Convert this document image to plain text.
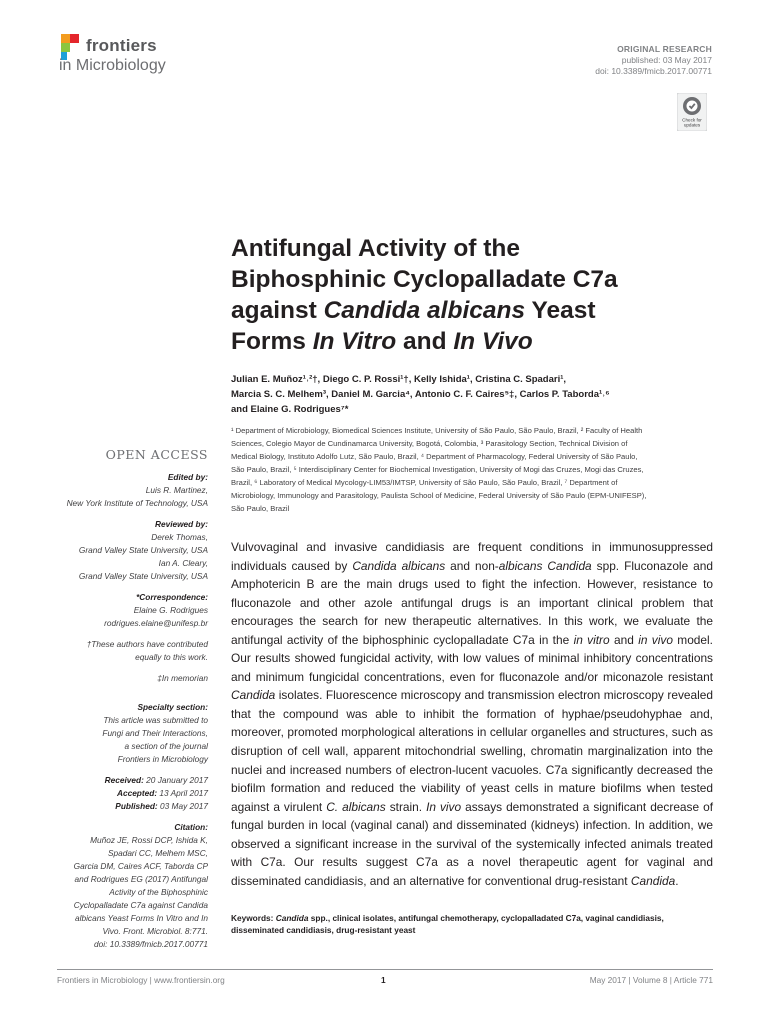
frontiers
in Microbiology
ORIGINAL RESEARCH
published: 03 May 2017
doi: 10.3389/fmicb.2017.00771
Check for
updates
Antifungal Activity of the
Biphosphinic Cyclopalladate C7a
against Candida albicans Yeast
Forms In Vitro and In Vivo

Julian E. Muñoz¹˒²†, Diego C. P. Rossi¹†, Kelly Ishida¹, Cristina C. Spadari¹,
Marcia S. C. Melhem³, Daniel M. Garcia⁴, Antonio C. F. Caires⁵‡, Carlos P. Taborda¹˒⁶
and Elaine G. Rodrigues⁷*

¹ Department of Microbiology, Biomedical Sciences Institute, University of São Paulo, São Paulo, Brazil, ² Faculty of Health
Sciences, Colegio Mayor de Cundinamarca University, Bogotá, Colombia, ³ Parasitology Section, Technical Division of
Medical Biology, Instituto Adolfo Lutz, São Paulo, Brazil, ⁴ Department of Pharmacology, Federal University of São Paulo,
São Paulo, Brazil, ⁵ Interdisciplinary Center for Biochemical Investigation, University of Mogi das Cruzes, Mogi das Cruzes,
Brazil, ⁶ Laboratory of Medical Mycology-LIM53/IMTSP, University of São Paulo, São Paulo, Brazil, ⁷ Department of
Microbiology, Immunology and Parasitology, Paulista School of Medicine, Federal University of São Paulo (EPM-UNIFESP),
São Paulo, Brazil

OPEN ACCESS
Edited by:
Luis R. Martinez,
New York Institute of Technology, USA
Reviewed by:
Derek Thomas,
Grand Valley State University, USA
Ian A. Cleary,
Grand Valley State University, USA
*Correspondence:
Elaine G. Rodrigues
rodrigues.elaine@unifesp.br
†These authors have contributed
equally to this work.
‡In memorian
Specialty section:
This article was submitted to
Fungi and Their Interactions,
a section of the journal
Frontiers in Microbiology
Received: 20 January 2017
Accepted: 13 April 2017
Published: 03 May 2017
Citation:
Muñoz JE, Rossi DCP, Ishida K,
Spadari CC, Melhem MSC,
Garcia DM, Caires ACF, Taborda CP
and Rodrigues EG (2017) Antifungal
Activity of the Biphosphinic
Cyclopalladate C7a against Candida
albicans Yeast Forms In Vitro and In
Vivo. Front. Microbiol. 8:771.
doi: 10.3389/fmicb.2017.00771

Vulvovaginal and invasive candidiasis are frequent conditions in immunosuppressed individuals caused by Candida albicans and non-albicans Candida spp. Fluconazole and Amphotericin B are the main drugs used to fight the infection. However, resistance to fluconazole and other azole antifungal drugs is an important clinical problem that encourages the search for new therapeutic alternatives. In this work, we evaluate the antifungal activity of the biphosphinic cyclopalladate C7a in the in vitro and in vivo model. Our results showed fungicidal activity, with low values of minimal inhibitory concentrations and minimum fungicidal concentrations, even for fluconazole and/or miconazole resistant Candida isolates. Fluorescence microscopy and transmission electron microscopy revealed that the compound was able to inhibit the formation of hyphae/pseudohyphae and, moreover, promoted morphological alterations in cellular organelles and structures, such as disruption of cell wall, apparent mitochondrial swelling, chromatin marginalization into the nuclei and increased numbers of electron-lucent vacuoles. C7a significantly decreased the biofilm formation and reduced the viability of yeast cells in mature biofilms when tested against a virulent C. albicans strain. In vivo assays demonstrated a significant decrease of fungal burden in local (vaginal canal) and disseminated (kidneys) infection. In addition, we observed a significant increase in the survival of the systemically infected animals treated with C7a. Our results suggest C7a as a novel therapeutic agent for vaginal and disseminated candidiasis, and an alternative for conventional drug-resistant Candida.

Keywords: Candida spp., clinical isolates, antifungal chemotherapy, cyclopalladated C7a, vaginal candidiasis, disseminated candidiasis, drug-resistant yeast

Frontiers in Microbiology | www.frontiersin.org	1	May 2017 | Volume 8 | Article 771
